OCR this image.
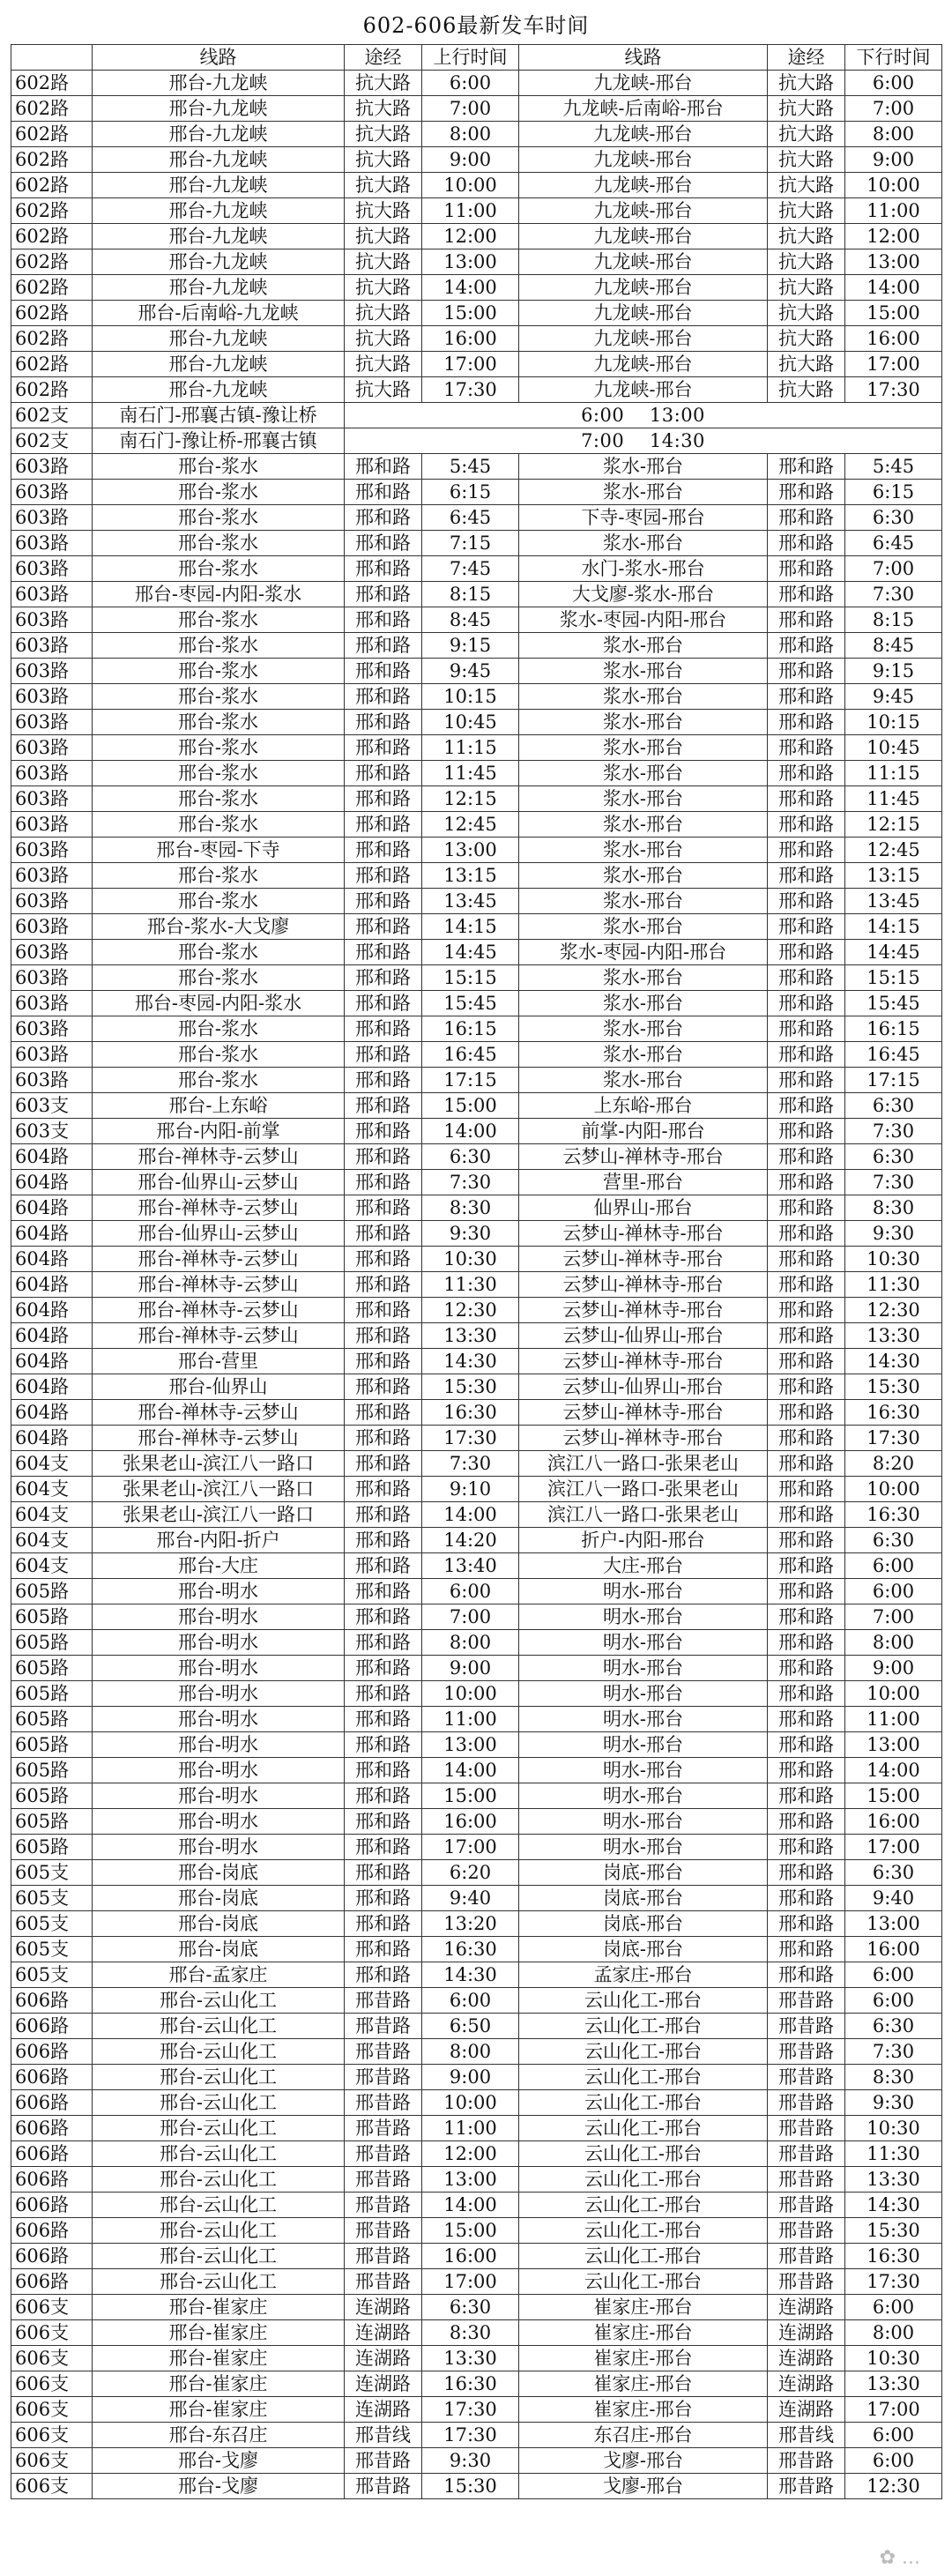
602-606最新发车时间
	线路	途经	上行时间	线路	途经	下行时间
602路	邢台-九龙峡	抗大路	6:00	九龙峡-邢台	抗大路	6:00
602路	邢台-九龙峡	抗大路	7:00	九龙峡-后南峪-邢台	抗大路	7:00
602路	邢台-九龙峡	抗大路	8:00	九龙峡-邢台	抗大路	8:00
602路	邢台-九龙峡	抗大路	9:00	九龙峡-邢台	抗大路	9:00
602路	邢台-九龙峡	抗大路	10:00	九龙峡-邢台	抗大路	10:00
602路	邢台-九龙峡	抗大路	11:00	九龙峡-邢台	抗大路	11:00
602路	邢台-九龙峡	抗大路	12:00	九龙峡-邢台	抗大路	12:00
602路	邢台-九龙峡	抗大路	13:00	九龙峡-邢台	抗大路	13:00
602路	邢台-九龙峡	抗大路	14:00	九龙峡-邢台	抗大路	14:00
602路	邢台-后南峪-九龙峡	抗大路	15:00	九龙峡-邢台	抗大路	15:00
602路	邢台-九龙峡	抗大路	16:00	九龙峡-邢台	抗大路	16:00
602路	邢台-九龙峡	抗大路	17:00	九龙峡-邢台	抗大路	17:00
602路	邢台-九龙峡	抗大路	17:30	九龙峡-邢台	抗大路	17:30
602支	南石门-邢襄古镇-豫让桥	6:00　 13:00				
602支	南石门-豫让桥-邢襄古镇	7:00　 14:30				
603路	邢台-浆水	邢和路	5:45	浆水-邢台	邢和路	5:45
603路	邢台-浆水	邢和路	6:15	浆水-邢台	邢和路	6:15
603路	邢台-浆水	邢和路	6:45	下寺-枣园-邢台	邢和路	6:30
603路	邢台-浆水	邢和路	7:15	浆水-邢台	邢和路	6:45
603路	邢台-浆水	邢和路	7:45	水门-浆水-邢台	邢和路	7:00
603路	邢台-枣园-内阳-浆水	邢和路	8:15	大戈廖-浆水-邢台	邢和路	7:30
603路	邢台-浆水	邢和路	8:45	浆水-枣园-内阳-邢台	邢和路	8:15
603路	邢台-浆水	邢和路	9:15	浆水-邢台	邢和路	8:45
603路	邢台-浆水	邢和路	9:45	浆水-邢台	邢和路	9:15
603路	邢台-浆水	邢和路	10:15	浆水-邢台	邢和路	9:45
603路	邢台-浆水	邢和路	10:45	浆水-邢台	邢和路	10:15
603路	邢台-浆水	邢和路	11:15	浆水-邢台	邢和路	10:45
603路	邢台-浆水	邢和路	11:45	浆水-邢台	邢和路	11:15
603路	邢台-浆水	邢和路	12:15	浆水-邢台	邢和路	11:45
603路	邢台-浆水	邢和路	12:45	浆水-邢台	邢和路	12:15
603路	邢台-枣园-下寺	邢和路	13:00	浆水-邢台	邢和路	12:45
603路	邢台-浆水	邢和路	13:15	浆水-邢台	邢和路	13:15
603路	邢台-浆水	邢和路	13:45	浆水-邢台	邢和路	13:45
603路	邢台-浆水-大戈廖	邢和路	14:15	浆水-邢台	邢和路	14:15
603路	邢台-浆水	邢和路	14:45	浆水-枣园-内阳-邢台	邢和路	14:45
603路	邢台-浆水	邢和路	15:15	浆水-邢台	邢和路	15:15
603路	邢台-枣园-内阳-浆水	邢和路	15:45	浆水-邢台	邢和路	15:45
603路	邢台-浆水	邢和路	16:15	浆水-邢台	邢和路	16:15
603路	邢台-浆水	邢和路	16:45	浆水-邢台	邢和路	16:45
603路	邢台-浆水	邢和路	17:15	浆水-邢台	邢和路	17:15
603支	邢台-上东峪	邢和路	15:00	上东峪-邢台	邢和路	6:30
603支	邢台-内阳-前掌	邢和路	14:00	前掌-内阳-邢台	邢和路	7:30
604路	邢台-禅林寺-云梦山	邢和路	6:30	云梦山-禅林寺-邢台	邢和路	6:30
604路	邢台-仙界山-云梦山	邢和路	7:30	营里-邢台	邢和路	7:30
604路	邢台-禅林寺-云梦山	邢和路	8:30	仙界山-邢台	邢和路	8:30
604路	邢台-仙界山-云梦山	邢和路	9:30	云梦山-禅林寺-邢台	邢和路	9:30
604路	邢台-禅林寺-云梦山	邢和路	10:30	云梦山-禅林寺-邢台	邢和路	10:30
604路	邢台-禅林寺-云梦山	邢和路	11:30	云梦山-禅林寺-邢台	邢和路	11:30
604路	邢台-禅林寺-云梦山	邢和路	12:30	云梦山-禅林寺-邢台	邢和路	12:30
604路	邢台-禅林寺-云梦山	邢和路	13:30	云梦山-仙界山-邢台	邢和路	13:30
604路	邢台-营里	邢和路	14:30	云梦山-禅林寺-邢台	邢和路	14:30
604路	邢台-仙界山	邢和路	15:30	云梦山-仙界山-邢台	邢和路	15:30
604路	邢台-禅林寺-云梦山	邢和路	16:30	云梦山-禅林寺-邢台	邢和路	16:30
604路	邢台-禅林寺-云梦山	邢和路	17:30	云梦山-禅林寺-邢台	邢和路	17:30
604支	张果老山-滨江八一路口	邢和路	7:30	滨江八一路口-张果老山	邢和路	8:20
604支	张果老山-滨江八一路口	邢和路	9:10	滨江八一路口-张果老山	邢和路	10:00
604支	张果老山-滨江八一路口	邢和路	14:00	滨江八一路口-张果老山	邢和路	16:30
604支	邢台-内阳-折户	邢和路	14:20	折户-内阳-邢台	邢和路	6:30
604支	邢台-大庄	邢和路	13:40	大庄-邢台	邢和路	6:00
605路	邢台-明水	邢和路	6:00	明水-邢台	邢和路	6:00
605路	邢台-明水	邢和路	7:00	明水-邢台	邢和路	7:00
605路	邢台-明水	邢和路	8:00	明水-邢台	邢和路	8:00
605路	邢台-明水	邢和路	9:00	明水-邢台	邢和路	9:00
605路	邢台-明水	邢和路	10:00	明水-邢台	邢和路	10:00
605路	邢台-明水	邢和路	11:00	明水-邢台	邢和路	11:00
605路	邢台-明水	邢和路	13:00	明水-邢台	邢和路	13:00
605路	邢台-明水	邢和路	14:00	明水-邢台	邢和路	14:00
605路	邢台-明水	邢和路	15:00	明水-邢台	邢和路	15:00
605路	邢台-明水	邢和路	16:00	明水-邢台	邢和路	16:00
605路	邢台-明水	邢和路	17:00	明水-邢台	邢和路	17:00
605支	邢台-岗底	邢和路	6:20	岗底-邢台	邢和路	6:30
605支	邢台-岗底	邢和路	9:40	岗底-邢台	邢和路	9:40
605支	邢台-岗底	邢和路	13:20	岗底-邢台	邢和路	13:00
605支	邢台-岗底	邢和路	16:30	岗底-邢台	邢和路	16:00
605支	邢台-孟家庄	邢和路	14:30	孟家庄-邢台	邢和路	6:00
606路	邢台-云山化工	邢昔路	6:00	云山化工-邢台	邢昔路	6:00
606路	邢台-云山化工	邢昔路	6:50	云山化工-邢台	邢昔路	6:30
606路	邢台-云山化工	邢昔路	8:00	云山化工-邢台	邢昔路	7:30
606路	邢台-云山化工	邢昔路	9:00	云山化工-邢台	邢昔路	8:30
606路	邢台-云山化工	邢昔路	10:00	云山化工-邢台	邢昔路	9:30
606路	邢台-云山化工	邢昔路	11:00	云山化工-邢台	邢昔路	10:30
606路	邢台-云山化工	邢昔路	12:00	云山化工-邢台	邢昔路	11:30
606路	邢台-云山化工	邢昔路	13:00	云山化工-邢台	邢昔路	13:30
606路	邢台-云山化工	邢昔路	14:00	云山化工-邢台	邢昔路	14:30
606路	邢台-云山化工	邢昔路	15:00	云山化工-邢台	邢昔路	15:30
606路	邢台-云山化工	邢昔路	16:00	云山化工-邢台	邢昔路	16:30
606路	邢台-云山化工	邢昔路	17:00	云山化工-邢台	邢昔路	17:30
606支	邢台-崔家庄	连湖路	6:30	崔家庄-邢台	连湖路	6:00
606支	邢台-崔家庄	连湖路	8:30	崔家庄-邢台	连湖路	8:00
606支	邢台-崔家庄	连湖路	13:30	崔家庄-邢台	连湖路	10:30
606支	邢台-崔家庄	连湖路	16:30	崔家庄-邢台	连湖路	13:30
606支	邢台-崔家庄	连湖路	17:30	崔家庄-邢台	连湖路	17:00
606支	邢台-东召庄	邢昔线	17:30	东召庄-邢台	邢昔线	6:00
606支	邢台-戈廖	邢昔路	9:30	戈廖-邢台	邢昔路	6:00
606支	邢台-戈廖	邢昔路	15:30	戈廖-邢台	邢昔路	12:30
✿ ...
